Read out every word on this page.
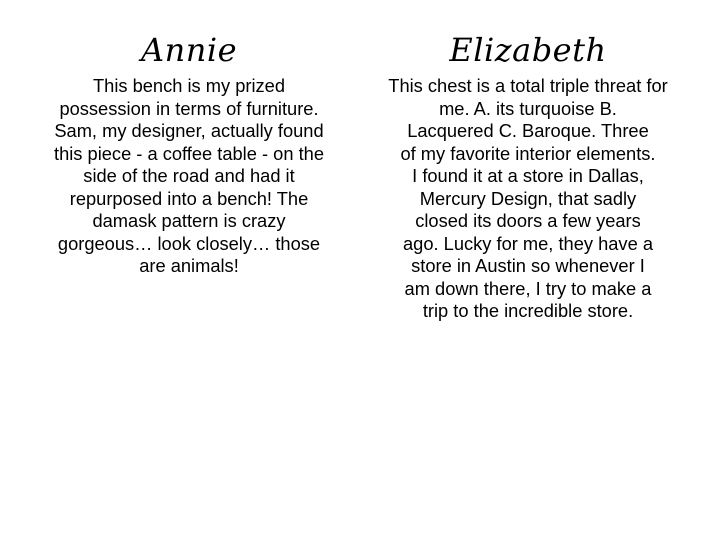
Annie

This bench is my prized
possession in terms of furniture.
Sam, my designer, actually found
this piece - a coffee table - on the
side of the road and had it
repurposed into a bench! The
damask pattern is crazy
gorgeous… look closely… those
are animals!

Elizabeth

This chest is a total triple threat for
me. A. its turquoise B.
Lacquered C. Baroque. Three
of my favorite interior elements.
I found it at a store in Dallas,
Mercury Design, that sadly
closed its doors a few years
ago. Lucky for me, they have a
store in Austin so whenever I
am down there, I try to make a
trip to the incredible store.
